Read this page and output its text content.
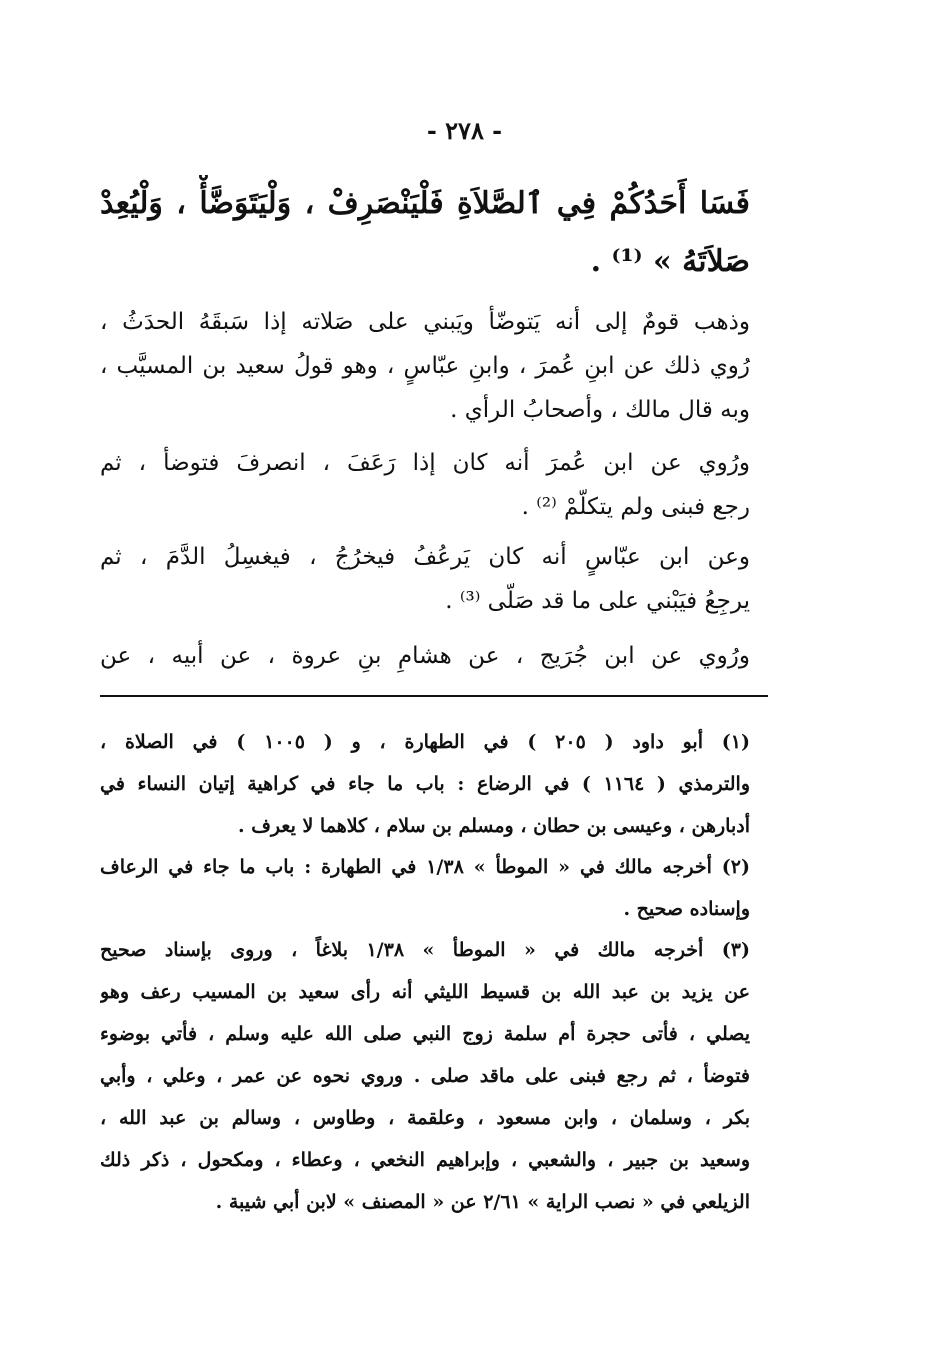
- ٢٧٨ -
فَسَا أَحَدُكُمْ فِي ٱلصَّلاَةِ فَلْيَنْصَرِفْ ، وَلْيَتَوَضَّأْ ، وَلْيُعِدْ
صَلاَتَهُ » ⁽¹⁾ .
وذهب قومٌ إلى أنه يَتوضّأ ويَبني على صَلاته إذا سَبقَهُ الحدَثُ ،
رُوي ذلك عن ابنِ عُمرَ ، وابنِ عبّاسٍ ، وهو قولُ سعيد بن المسيَّب ،
وبه قال مالك ، وأصحابُ الرأي .
ورُوي عن ابن عُمرَ أنه كان إذا رَعَفَ ، انصرفَ فتوضأ ، ثم
رجع فبنى ولم يتكلّمْ ⁽²⁾ .
وعن ابن عبّاسٍ أنه كان يَرعُفُ فيخرُجُ ، فيغسِلُ الدَّمَ ، ثم
يرجِعُ فيَبْني على ما قد صَلّى ⁽³⁾ .
ورُوي عن ابن جُرَيج ، عن هشامِ بنِ عروة ، عن أبيه ، عن
(١) أبو داود ( ٢٠٥ ) في الطهارة ، و ( ١٠٠٥ ) في الصلاة ،
والترمذي ( ١١٦٤ ) في الرضاع : باب ما جاء في كراهية إتيان النساء في
أدبارهن ، وعيسى بن حطان ، ومسلم بن سلام ، كلاهما لا يعرف .
(٢) أخرجه مالك في « الموطأ » ١/٣٨ في الطهارة : باب ما جاء في الرعاف
وإسناده صحيح .
(٣) أخرجه مالك في « الموطأ » ١/٣٨ بلاغاً ، وروى بإسناد صحيح
عن يزيد بن عبد الله بن قسيط الليثي أنه رأى سعيد بن المسيب رعف وهو
يصلي ، فأتى حجرة أم سلمة زوج النبي صلى الله عليه وسلم ، فأتي بوضوء
فتوضأ ، ثم رجع فبنى على ماقد صلى . وروي نحوه عن عمر ، وعلي ، وأبي
بكر ، وسلمان ، وابن مسعود ، وعلقمة ، وطاوس ، وسالم بن عبد الله ،
وسعيد بن جبير ، والشعبي ، وإبراهيم النخعي ، وعطاء ، ومكحول ، ذكر ذلك
الزيلعي في « نصب الراية » ٢/٦١ عن « المصنف » لابن أبي شيبة .
